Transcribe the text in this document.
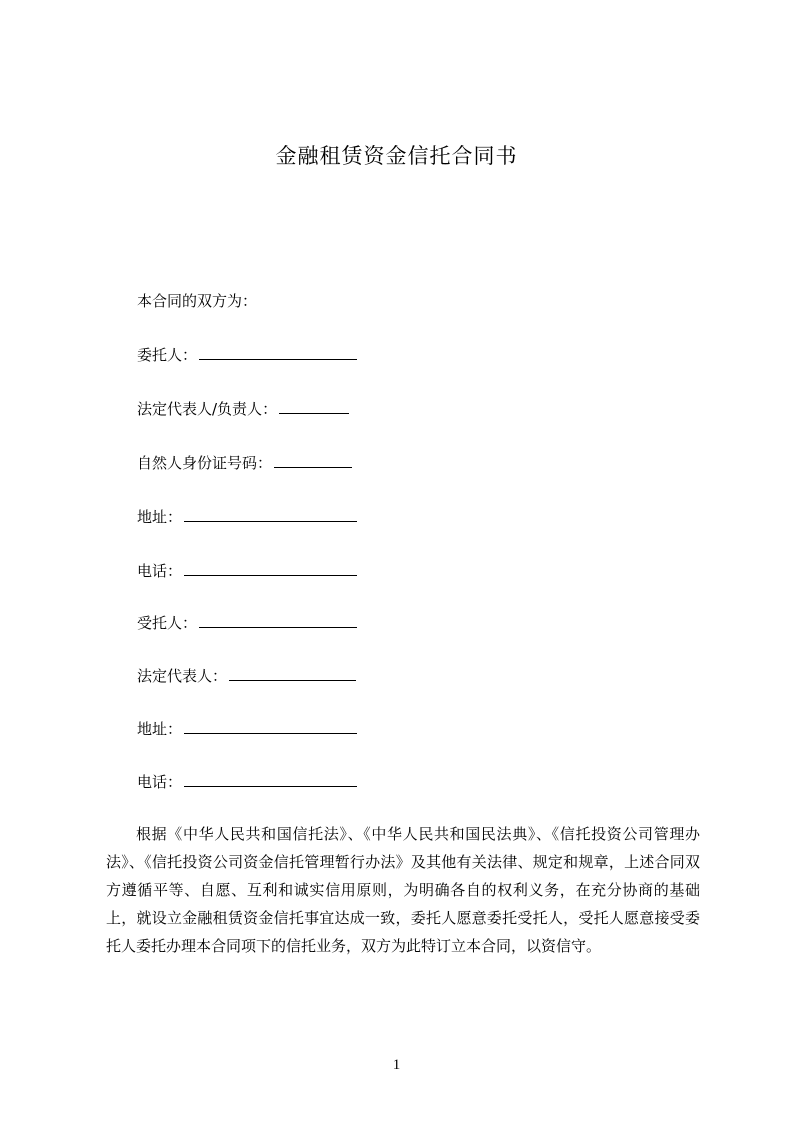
金融租赁资金信托合同书
本合同的双方为：
委托人：
法定代表人/负责人：
自然人身份证号码：
地址：
电话：
受托人：
法定代表人：
地址：
电话：

根据《中华人民共和国信托法》、《中华人民共和国民法典》、《信托投资公司管理办法》、《信托投资公司资金信托管理暂行办法》及其他有关法律、规定和规章，上述合同双方遵循平等、自愿、互利和诚实信用原则，为明确各自的权利义务，在充分协商的基础上，就设立金融租赁资金信托事宜达成一致，委托人愿意委托受托人，受托人愿意接受委托人委托办理本合同项下的信托业务，双方为此特订立本合同，以资信守。

1
